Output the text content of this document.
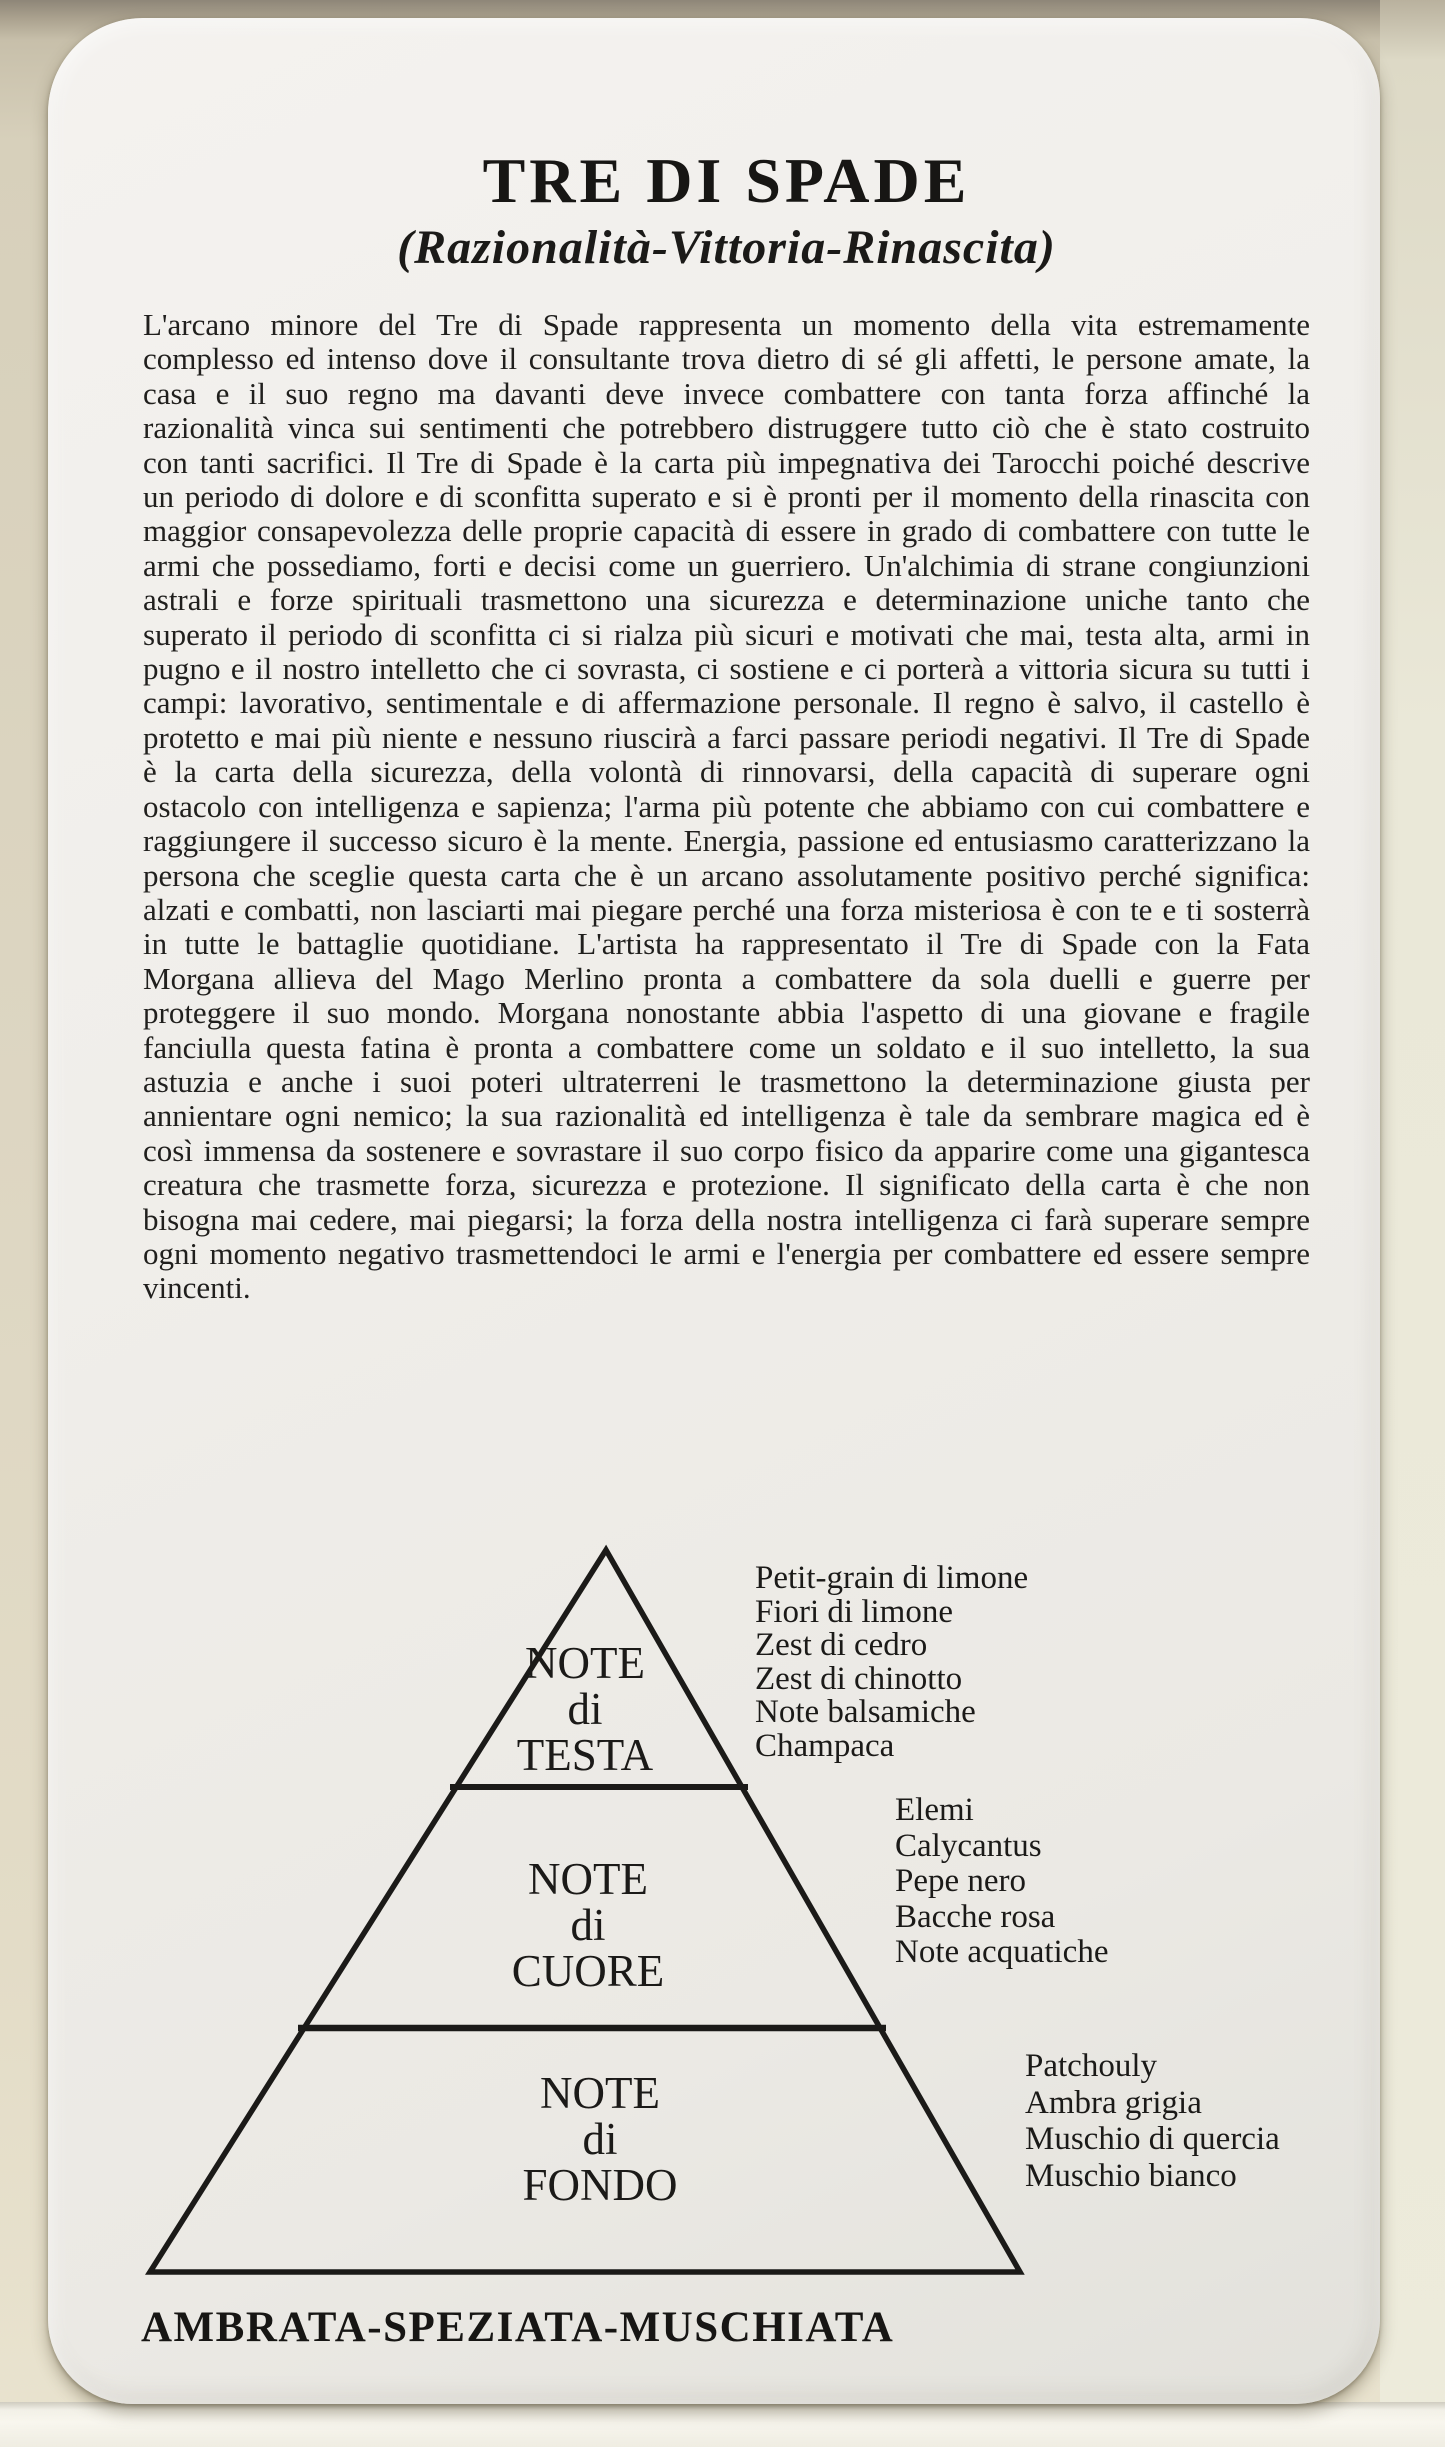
TRE DI SPADE
(Razionalità-Vittoria-Rinascita)

L'arcano minore del Tre di Spade rappresenta un momento della vita estremamente complesso ed intenso dove il consultante trova dietro di sé gli affetti, le persone amate, la casa e il suo regno ma davanti deve invece combattere con tanta forza affinché la razionalità vinca sui sentimenti che potrebbero distruggere tutto ciò che è stato costruito con tanti sacrifici. Il Tre di Spade è la carta più impegnativa dei Tarocchi poiché descrive un periodo di dolore e di sconfitta superato e si è pronti per il momento della rinascita con maggior consapevolezza delle proprie capacità di essere in grado di combattere con tutte le armi che possediamo, forti e decisi come un guerriero. Un'alchimia di strane congiunzioni astrali e forze spirituali trasmettono una sicurezza e determinazione uniche tanto che superato il periodo di sconfitta ci si rialza più sicuri e motivati che mai, testa alta, armi in pugno e il nostro intelletto che ci sovrasta, ci sostiene e ci porterà a vittoria sicura su tutti i campi: lavorativo, sentimentale e di affermazione personale. Il regno è salvo, il castello è protetto e mai più niente e nessuno riuscirà a farci passare periodi negativi. Il Tre di Spade è la carta della sicurezza, della volontà di rinnovarsi, della capacità di superare ogni ostacolo con intelligenza e sapienza; l'arma più potente che abbiamo con cui combattere e raggiungere il successo sicuro è la mente. Energia, passione ed entusiasmo caratterizzano la persona che sceglie questa carta che è un arcano assolutamente positivo perché significa: alzati e combatti, non lasciarti mai piegare perché una forza misteriosa è con te e ti sosterrà in tutte le battaglie quotidiane. L'artista ha rappresentato il Tre di Spade con la Fata Morgana allieva del Mago Merlino pronta a combattere da sola duelli e guerre per proteggere il suo mondo. Morgana nonostante abbia l'aspetto di una giovane e fragile fanciulla questa fatina è pronta a combattere come un soldato e il suo intelletto, la sua astuzia e anche i suoi poteri ultraterreni le trasmettono la determinazione giusta per annientare ogni nemico; la sua razionalità ed intelligenza è tale da sembrare magica ed è così immensa da sostenere e sovrastare il suo corpo fisico da apparire come una gigantesca creatura che trasmette forza, sicurezza e protezione. Il significato della carta è che non bisogna mai cedere, mai piegarsi; la forza della nostra intelligenza ci farà superare sempre ogni momento negativo trasmettendoci le armi e l'energia per combattere ed essere sempre vincenti.

NOTE
di
TESTA
NOTE
di
CUORE
NOTE
di
FONDO
Petit-grain di limone
Fiori di limone
Zest di cedro
Zest di chinotto
Note balsamiche
Champaca
Elemi
Calycantus
Pepe nero
Bacche rosa
Note acquatiche
Patchouly
Ambra grigia
Muschio di quercia
Muschio bianco

AMBRATA-SPEZIATA-MUSCHIATA
